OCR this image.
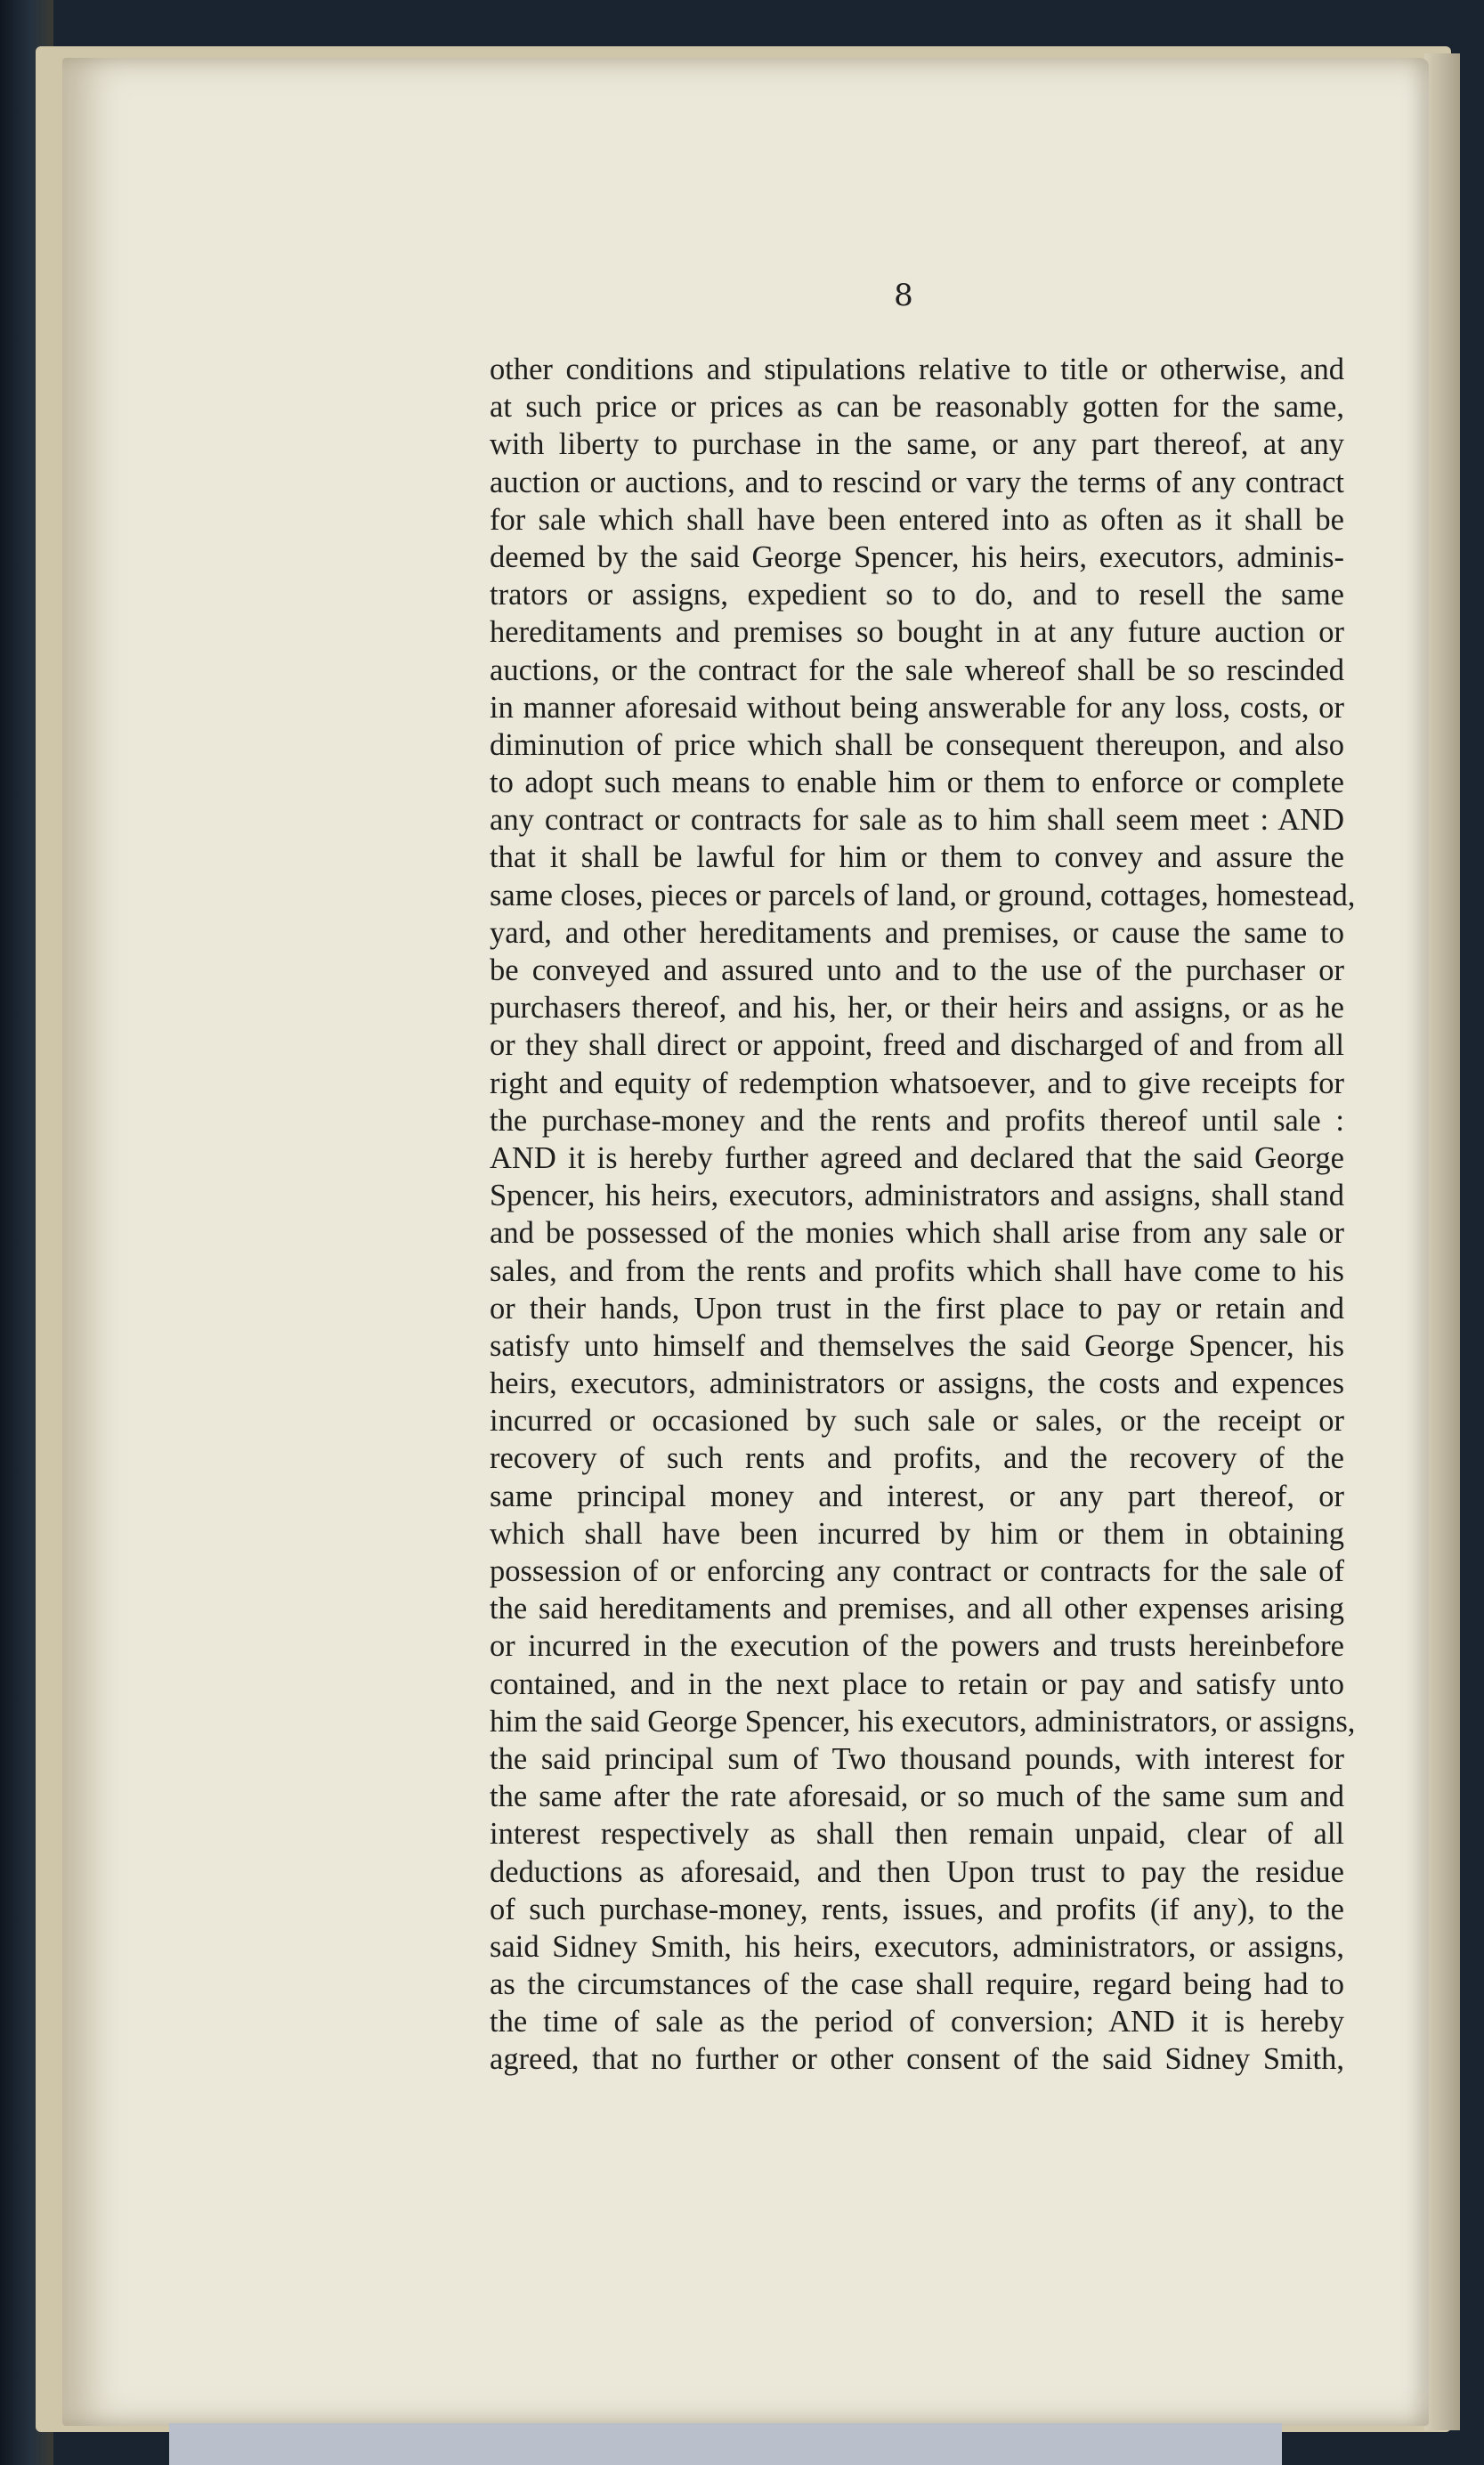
8
other conditions and stipulations relative to title or otherwise, and
at such price or prices as can be reasonably gotten for the same,
with liberty to purchase in the same, or any part thereof, at any
auction or auctions, and to rescind or vary the terms of any contract
for sale which shall have been entered into as often as it shall be
deemed by the said George Spencer, his heirs, executors, adminis-
trators or assigns, expedient so to do, and to resell the same
hereditaments and premises so bought in at any future auction or
auctions, or the contract for the sale whereof shall be so rescinded
in manner aforesaid without being answerable for any loss, costs, or
diminution of price which shall be consequent thereupon, and also
to adopt such means to enable him or them to enforce or complete
any contract or contracts for sale as to him shall seem meet : AND
that it shall be lawful for him or them to convey and assure the
same closes, pieces or parcels of land, or ground, cottages, homestead,
yard, and other hereditaments and premises, or cause the same to
be conveyed and assured unto and to the use of the purchaser or
purchasers thereof, and his, her, or their heirs and assigns, or as he
or they shall direct or appoint, freed and discharged of and from all
right and equity of redemption whatsoever, and to give receipts for
the purchase-money and the rents and profits thereof until sale :
AND it is hereby further agreed and declared that the said George
Spencer, his heirs, executors, administrators and assigns, shall stand
and be possessed of the monies which shall arise from any sale or
sales, and from the rents and profits which shall have come to his
or their hands, Upon trust in the first place to pay or retain and
satisfy unto himself and themselves the said George Spencer, his
heirs, executors, administrators or assigns, the costs and expences
incurred or occasioned by such sale or sales, or the receipt or
recovery of such rents and profits, and the recovery of the
same principal money and interest, or any part thereof, or
which shall have been incurred by him or them in obtaining
possession of or enforcing any contract or contracts for the sale of
the said hereditaments and premises, and all other expenses arising
or incurred in the execution of the powers and trusts hereinbefore
contained, and in the next place to retain or pay and satisfy unto
him the said George Spencer, his executors, administrators, or assigns,
the said principal sum of Two thousand pounds, with interest for
the same after the rate aforesaid, or so much of the same sum and
interest respectively as shall then remain unpaid, clear of all
deductions as aforesaid, and then Upon trust to pay the residue
of such purchase-money, rents, issues, and profits (if any), to the
said Sidney Smith, his heirs, executors, administrators, or assigns,
as the circumstances of the case shall require, regard being had to
the time of sale as the period of conversion; AND it is hereby
agreed, that no further or other consent of the said Sidney Smith,
